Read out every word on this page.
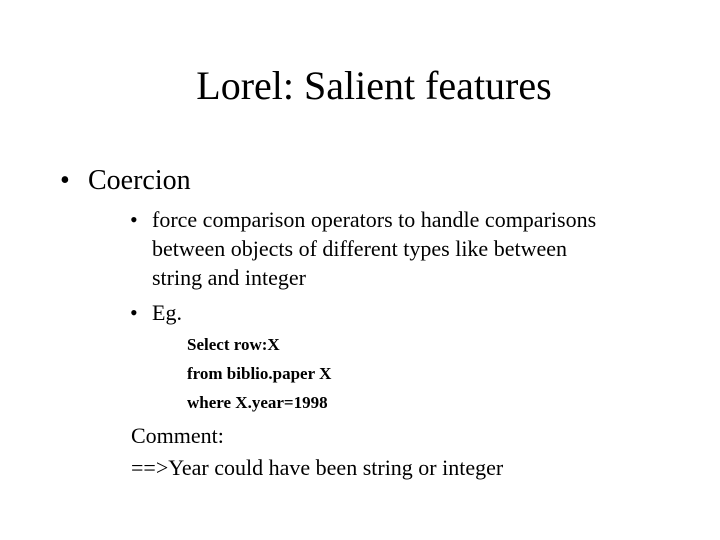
Lorel: Salient features
• Coercion
• force comparison operators to handle comparisons
between objects of different types like between
string and integer
• Eg.
Select row:X
from biblio.paper X
where X.year=1998
Comment:
==>Year could have been string or integer
